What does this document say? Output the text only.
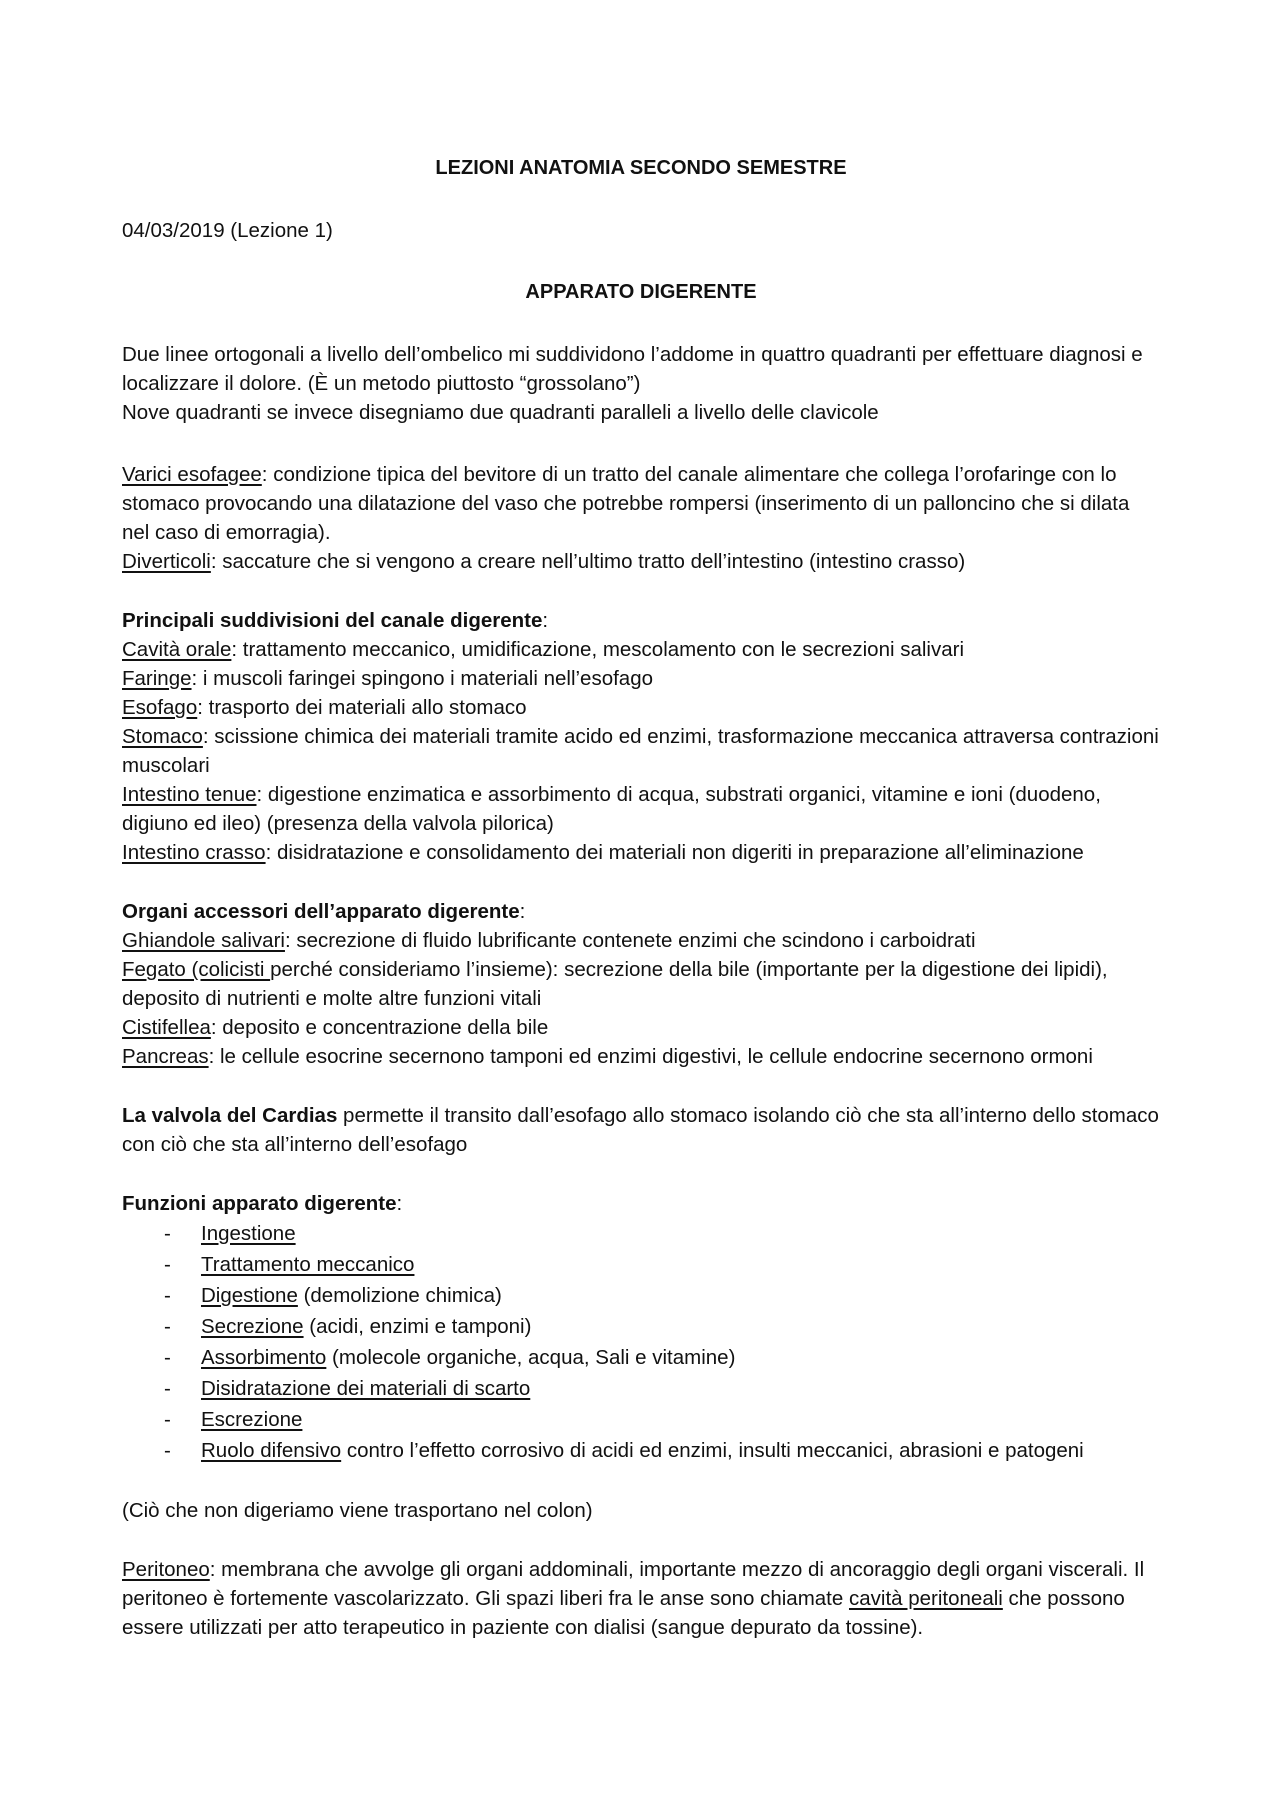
LEZIONI ANATOMIA SECONDO SEMESTRE

04/03/2019 (Lezione 1)

APPARATO DIGERENTE

Due linee ortogonali a livello dell’ombelico mi suddividono l’addome in quattro quadranti per effettuare diagnosi e localizzare il dolore. (È un metodo piuttosto “grossolano”)
Nove quadranti se invece disegniamo due quadranti paralleli a livello delle clavicole

Varici esofagee: condizione tipica del bevitore di un tratto del canale alimentare che collega l’orofaringe con lo stomaco provocando una dilatazione del vaso che potrebbe rompersi (inserimento di un palloncino che si dilata nel caso di emorragia).

Diverticoli: saccature che si vengono a creare nell’ultimo tratto dell’intestino (intestino crasso)

Principali suddivisioni del canale digerente:

Cavità orale: trattamento meccanico, umidificazione, mescolamento con le secrezioni salivari

Faringe: i muscoli faringei spingono i materiali nell’esofago

Esofago: trasporto dei materiali allo stomaco

Stomaco: scissione chimica dei materiali tramite acido ed enzimi, trasformazione meccanica attraversa contrazioni muscolari

Intestino tenue: digestione enzimatica e assorbimento di acqua, substrati organici, vitamine e ioni (duodeno, digiuno ed ileo) (presenza della valvola pilorica)

Intestino crasso: disidratazione e consolidamento dei materiali non digeriti in preparazione all’eliminazione

Organi accessori dell’apparato digerente:

Ghiandole salivari: secrezione di fluido lubrificante contenete enzimi che scindono i carboidrati

Fegato (colicisti perché consideriamo l’insieme): secrezione della bile (importante per la digestione dei lipidi), deposito di nutrienti e molte altre funzioni vitali

Cistifellea: deposito e concentrazione della bile

Pancreas: le cellule esocrine secernono tamponi ed enzimi digestivi, le cellule endocrine secernono ormoni

La valvola del Cardias permette il transito dall’esofago allo stomaco isolando ciò che sta all’interno dello stomaco con ciò che sta all’interno dell’esofago

Funzioni apparato digerente:

- Ingestione
- Trattamento meccanico
- Digestione (demolizione chimica)
- Secrezione (acidi, enzimi e tamponi)
- Assorbimento (molecole organiche, acqua, Sali e vitamine)
- Disidratazione dei materiali di scarto
- Escrezione
- Ruolo difensivo contro l’effetto corrosivo di acidi ed enzimi, insulti meccanici, abrasioni e patogeni

(Ciò che non digeriamo viene trasportano nel colon)

Peritoneo: membrana che avvolge gli organi addominali, importante mezzo di ancoraggio degli organi viscerali. Il peritoneo è fortemente vascolarizzato. Gli spazi liberi fra le anse sono chiamate cavità peritoneali che possono essere utilizzati per atto terapeutico in paziente con dialisi (sangue depurato da tossine).
